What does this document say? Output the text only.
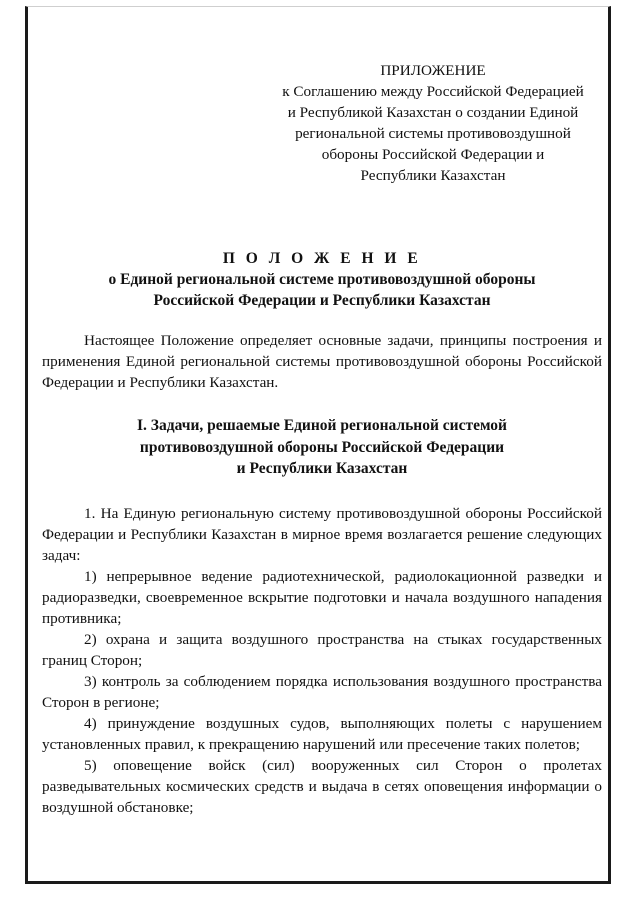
ПРИЛОЖЕНИЕ
к Соглашению между Российской Федерацией
и Республикой Казахстан о создании Единой
региональной системы противовоздушной
обороны Российской Федерации и
Республики Казахстан
П О Л О Ж Е Н И Е
о Единой региональной системе противовоздушной обороны
Российской Федерации и Республики Казахстан
Настоящее Положение определяет основные задачи, принципы построения и применения Единой региональной системы противовоздушной обороны Российской Федерации и Республики Казахстан.
I. Задачи, решаемые Единой региональной системой
противовоздушной обороны Российской Федерации
и Республики Казахстан
1. На Единую региональную систему противовоздушной обороны Российской Федерации и Республики Казахстан в мирное время возлагается решение следующих задач:
1) непрерывное ведение радиотехнической, радиолокационной разведки и радиоразведки, своевременное вскрытие подготовки и начала воздушного нападения противника;
2) охрана и защита воздушного пространства на стыках государственных границ Сторон;
3) контроль за соблюдением порядка использования воздушного пространства Сторон в регионе;
4) принуждение воздушных судов, выполняющих полеты с нарушением установленных правил, к прекращению нарушений или пресечение таких полетов;
5) оповещение войск (сил) вооруженных сил Сторон о пролетах разведывательных космических средств и выдача в сетях оповещения информации о воздушной обстановке;
